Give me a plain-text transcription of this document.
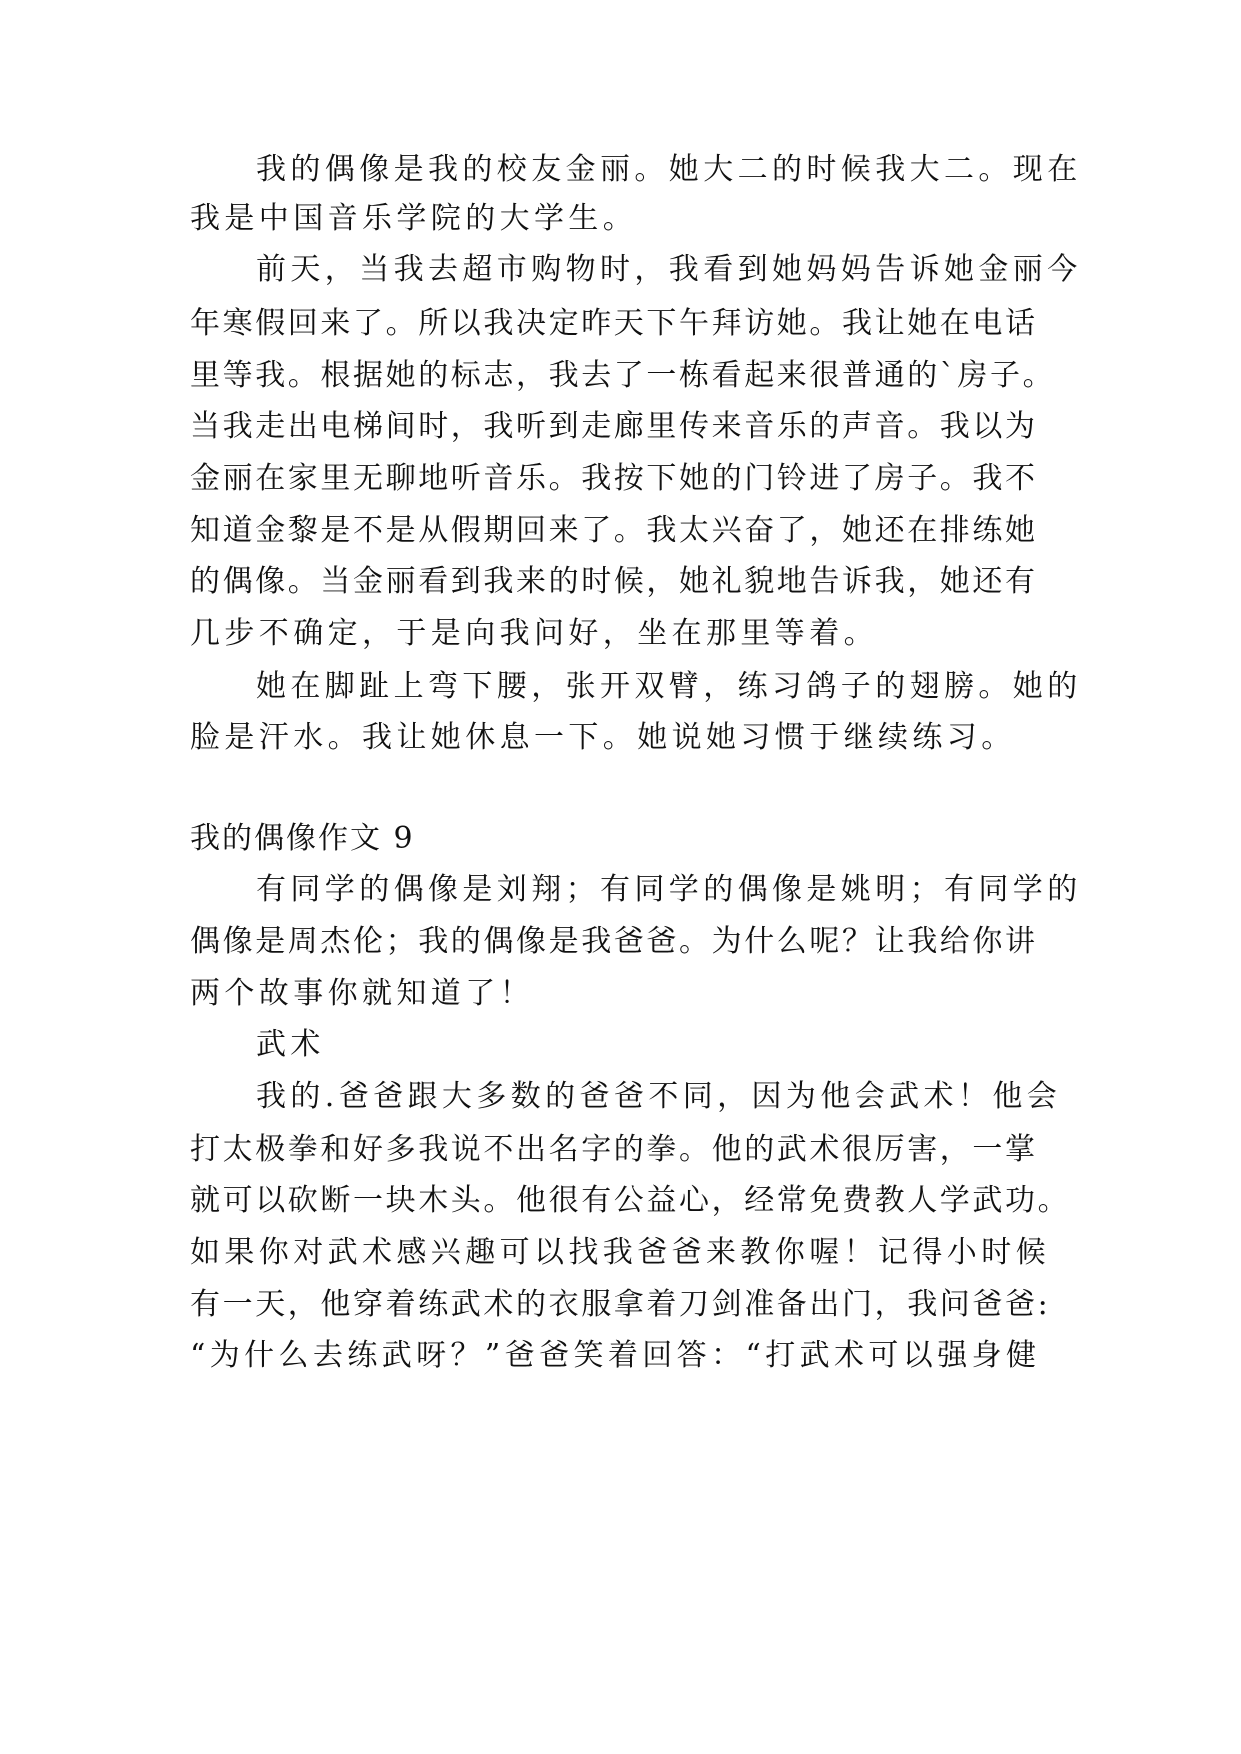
我的偶像是我的校友金丽。她大二的时候我大二。现在
我是中国音乐学院的大学生。
前天，当我去超市购物时，我看到她妈妈告诉她金丽今
年寒假回来了。所以我决定昨天下午拜访她。我让她在电话
里等我。根据她的标志，我去了一栋看起来很普通的`房子。
当我走出电梯间时，我听到走廊里传来音乐的声音。我以为
金丽在家里无聊地听音乐。我按下她的门铃进了房子。我不
知道金黎是不是从假期回来了。我太兴奋了，她还在排练她
的偶像。当金丽看到我来的时候，她礼貌地告诉我，她还有
几步不确定，于是向我问好，坐在那里等着。
她在脚趾上弯下腰，张开双臂，练习鸽子的翅膀。她的
脸是汗水。我让她休息一下。她说她习惯于继续练习。
我的偶像作文 9
有同学的偶像是刘翔；有同学的偶像是姚明；有同学的
偶像是周杰伦；我的偶像是我爸爸。为什么呢？让我给你讲
两个故事你就知道了！
武术
我的.爸爸跟大多数的爸爸不同，因为他会武术！他会
打太极拳和好多我说不出名字的拳。他的武术很厉害，一掌
就可以砍断一块木头。他很有公益心，经常免费教人学武功。
如果你对武术感兴趣可以找我爸爸来教你喔！记得小时候
有一天，他穿着练武术的衣服拿着刀剑准备出门，我问爸爸:
“为什么去练武呀？”爸爸笑着回答：“打武术可以强身健
